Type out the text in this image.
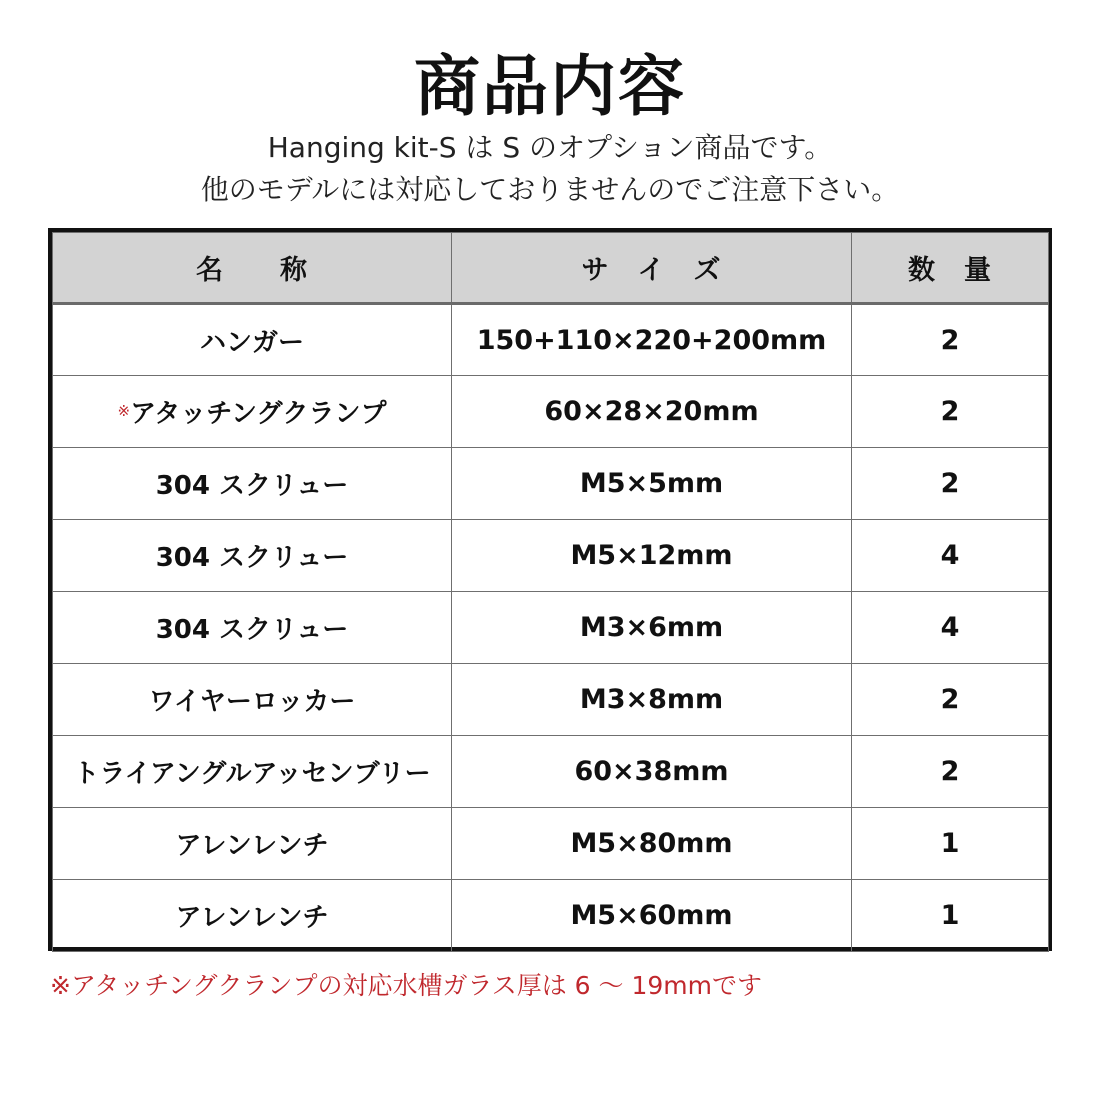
商品内容
Hanging kit-S は S のオプション商品です。
他のモデルには対応しておりませんのでご注意下さい。
名　　称	サ　イ　ズ	数　量
ハンガー	150+110×220+200mm	2
※アタッチングクランプ	60×28×20mm	2
304 スクリュー	M5×5mm	2
304 スクリュー	M5×12mm	4
304 スクリュー	M3×6mm	4
ワイヤーロッカー	M3×8mm	2
トライアングルアッセンブリー	60×38mm	2
アレンレンチ	M5×80mm	1
アレンレンチ	M5×60mm	1
※アタッチングクランプの対応水槽ガラス厚は 6 ～ 19mmです
